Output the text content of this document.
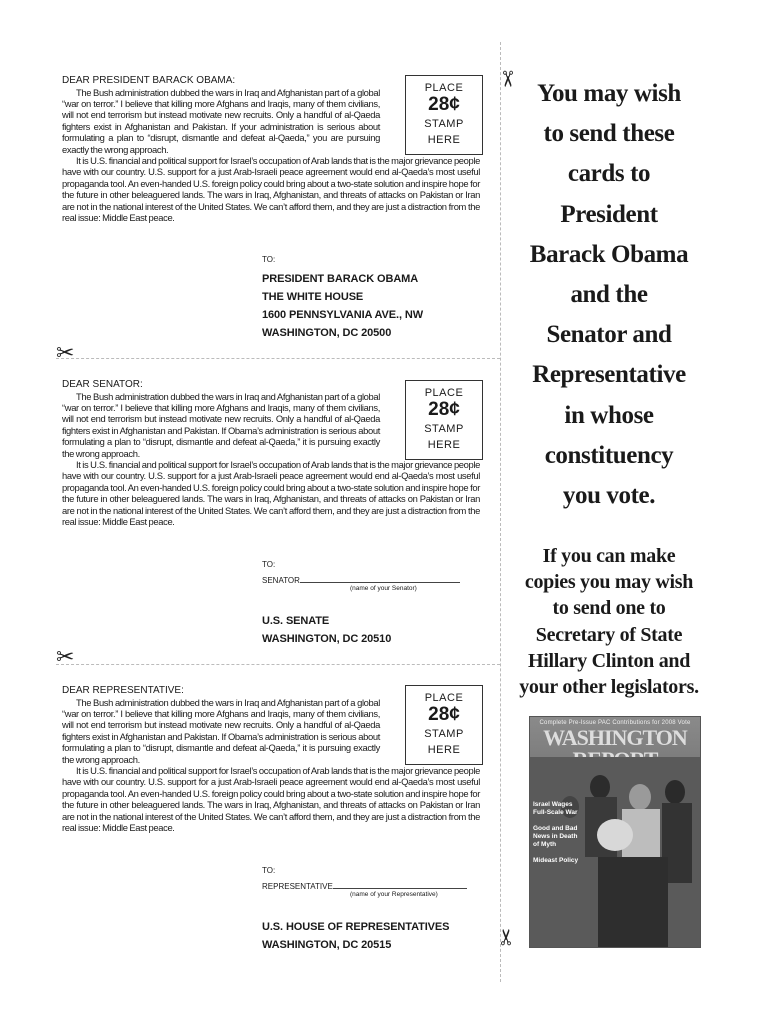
✂
✂
✂
✂
DEAR PRESIDENT BARACK OBAMA:

The Bush administration dubbed the wars in Iraq and Afghanistan part of a global “war on terror.” I believe that killing more Afghans and Iraqis, many of them civilians, will not end terrorism but instead motivate new recruits. Only a handful of al-Qaeda fighters exist in Afghanistan and Pakistan. If your administration is serious about formulating a plan to “disrupt, dismantle and defeat al-Qaeda,” you are pursuing exactly the wrong approach.

It is U.S. financial and political support for Israel’s occupation of Arab lands that is the major grievance people have with our country. U.S. support for a just Arab-Israeli peace agreement would end al-Qaeda’s most useful propaganda tool. An even-handed U.S. foreign policy could bring about a two-state solution and inspire hope for the future in other beleaguered lands. The wars in Iraq, Afghanistan, and threats of attacks on Pakistan or Iran are not in the national interest of the United States. We can’t afford them, and they are just a distraction from the real issue: Middle East peace.

PLACE
28¢
STAMP
HERE
TO:
PRESIDENT BARACK OBAMA
THE WHITE HOUSE
1600 PENNSYLVANIA AVE., NW
WASHINGTON, DC 20500
DEAR SENATOR:

The Bush administration dubbed the wars in Iraq and Afghanistan part of a global “war on terror.” I believe that killing more Afghans and Iraqis, many of them civilians, will not end terrorism but instead motivate new recruits. Only a handful of al-Qaeda fighters exist in Afghanistan and Pakistan. If Obama’s administration is serious about formulating a plan to “disrupt, dismantle and defeat al-Qaeda,” it is pursuing exactly the wrong approach.

It is U.S. financial and political support for Israel’s occupation of Arab lands that is the major grievance people have with our country. U.S. support for a just Arab-Israeli peace agreement would end al-Qaeda’s most useful propaganda tool. An even-handed U.S. foreign policy could bring about a two-state solution and inspire hope for the future in other beleaguered lands. The wars in Iraq, Afghanistan, and threats of attacks on Pakistan or Iran are not in the national interest of the United States. We can’t afford them, and they are just a distraction from the real issue: Middle East peace.

PLACE
28¢
STAMP
HERE
TO:
SENATOR
(name of your Senator)
U.S. SENATE
WASHINGTON, DC 20510
DEAR REPRESENTATIVE:

The Bush administration dubbed the wars in Iraq and Afghanistan part of a global “war on terror.” I believe that killing more Afghans and Iraqis, many of them civilians, will not end terrorism but instead motivate new recruits. Only a handful of al-Qaeda fighters exist in Afghanistan and Pakistan. If Obama’s administration is serious about formulating a plan to “disrupt, dismantle and defeat al-Qaeda,” it is pursuing exactly the wrong approach.

It is U.S. financial and political support for Israel’s occupation of Arab lands that is the major grievance people have with our country. U.S. support for a just Arab-Israeli peace agreement would end al-Qaeda’s most useful propaganda tool. An even-handed U.S. foreign policy could bring about a two-state solution and inspire hope for the future in other beleaguered lands. The wars in Iraq, Afghanistan, and threats of attacks on Pakistan or Iran are not in the national interest of the United States. We can’t afford them, and they are just a distraction from the real issue: Middle East peace.

PLACE
28¢
STAMP
HERE
TO:
REPRESENTATIVE
(name of your Representative)
U.S. HOUSE OF REPRESENTATIVES
WASHINGTON, DC 20515
You may wish
to send these
cards to
President
Barack Obama
and the
Senator and
Representative
in whose
constituency
you vote.
If you can make
copies you may wish
to send one to
Secretary of State
Hillary Clinton and
your other legislators.
Complete Pre-Issue PAC Contributions for 2008 Vote
WASHINGTON
Israel Wages Full-Scale War
Good and Bad News in Death of Myth
Mideast Policy
